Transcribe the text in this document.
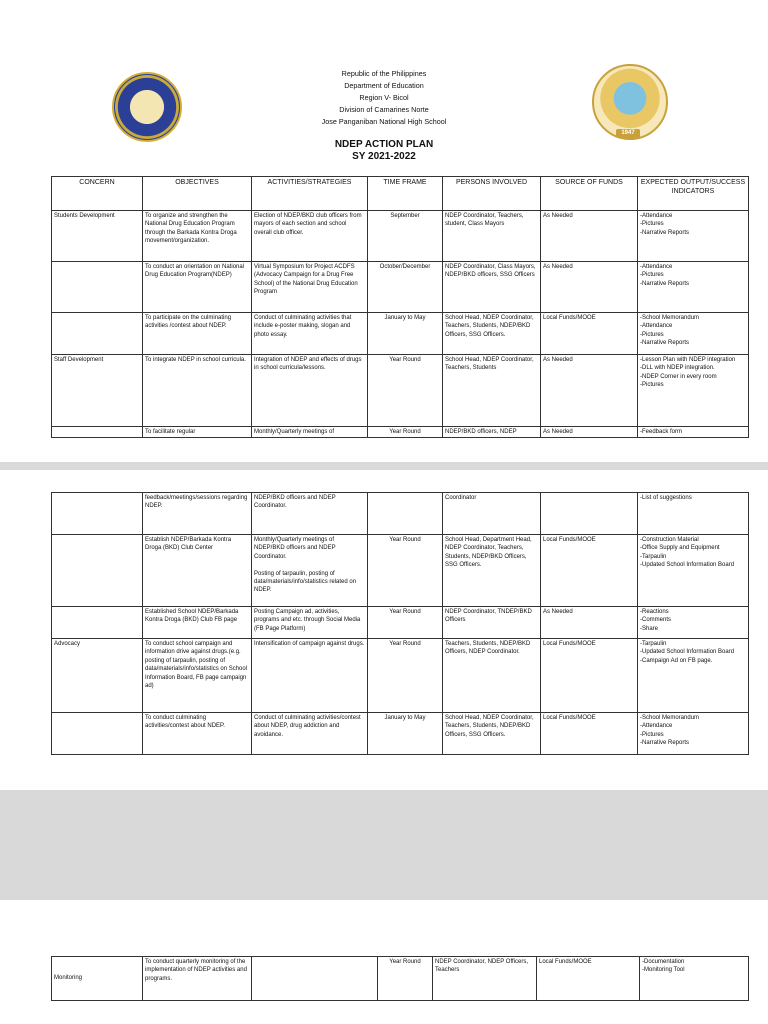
1947
Republic of the Philippines
Department of Education
Region V- Bicol
Division of Camarines Norte
Jose Panganiban National High School
NDEP ACTION PLAN
SY 2021-2022
CONCERN	OBJECTIVES	ACTIVITIES/STRATEGIES	TIME FRAME	PERSONS INVOLVED	SOURCE OF FUNDS	EXPECTED OUTPUT/SUCCESS INDICATORS
Students Development	To organize and strengthen the National Drug Education Program through the Barkada Kontra Droga movement/organization.	Election of NDEP/BKD club officers from mayors of each section and school overall club officer.	September	NDEP Coordinator, Teachers, student, Class Mayors	As Needed	-Attendance
-Pictures
-Narrative Reports
	To conduct an orientation on National Drug Education Program(NDEP)	Virtual Symposium for Project ACDFS (Advocacy Campaign for a Drug Free School) of the National Drug Education Program	October/December	NDEP Coordinator, Class Mayors, NDEP/BKD officers, SSG Officers	As Needed	-Attendance
-Pictures
-Narrative Reports
	To participate on the culminating activities /contest about NDEP.	Conduct of culminating activities that include e-poster making, slogan and photo essay.	January to May	School Head, NDEP Coordinator, Teachers, Students, NDEP/BKD Officers, SSG Officers.	Local Funds/MOOE	-School Memorandum
-Attendance
-Pictures
-Narrative Reports
Staff Development	To integrate NDEP in school curricula.	Integration of NDEP and effects of drugs in school curricula/lessons.	Year Round	School Head, NDEP Coordinator, Teachers, Students	As Needed	-Lesson Plan with NDEP integration
-DLL with NDEP integration.
-NDEP Corner in every room
-Pictures
	To facilitate regular	Monthly/Quarterly meetings of	Year Round	NDEP/BKD officers, NDEP	As Needed	-Feedback form
	feedback/meetings/sessions regarding NDEP.	NDEP/BKD officers and NDEP Coordinator.		Coordinator		-List of suggestions
	Establish NDEP/Barkada Kontra Droga (BKD) Club Center	Monthly/Quarterly meetings of NDEP/BKD officers and NDEP Coordinator.

Posting of tarpaulin, posting of data/materials/info/statistics related on NDEP.	Year Round	School Head, Department Head, NDEP Coordinator, Teachers, Students, NDEP/BKD Officers, SSG Officers.	Local Funds/MOOE	-Construction Material
-Office Supply and Equipment
-Tarpaulin
-Updated School Information Board
	Established School NDEP/Barkada Kontra Droga (BKD) Club FB page	Posting Campaign ad, activities, programs and etc. through Social Media (FB Page Platform)	Year Round	NDEP Coordinator, TNDEP/BKD Officers	As Needed	-Reactions
-Comments
-Share
Advocacy	To conduct school campaign and information drive against drugs.(e.g. posting of tarpaulin, posting of data/materials/info/statistics on School Information Board, FB page campaign ad)	Intensification of campaign against drugs.	Year Round	Teachers, Students, NDEP/BKD Officers, NDEP Coordinator.	Local Funds/MOOE	-Tarpaulin
-Updated School Information Board
-Campaign Ad on FB page.
	To conduct culminating activities/contest about NDEP.	Conduct of culminating activities/contest about NDEP, drug addiction and avoidance.	January to May	School Head, NDEP Coordinator, Teachers, Students, NDEP/BKD Officers, SSG Officers.	Local Funds/MOOE	-School Memorandum
-Attendance
-Pictures
-Narrative Reports
Monitoring	To conduct quarterly monitoring of the implementation of NDEP activities and programs.		Year Round	NDEP Coordinator, NDEP Officers, Teachers	Local Funds/MOOE	-Documentation
-Monitoring Tool
